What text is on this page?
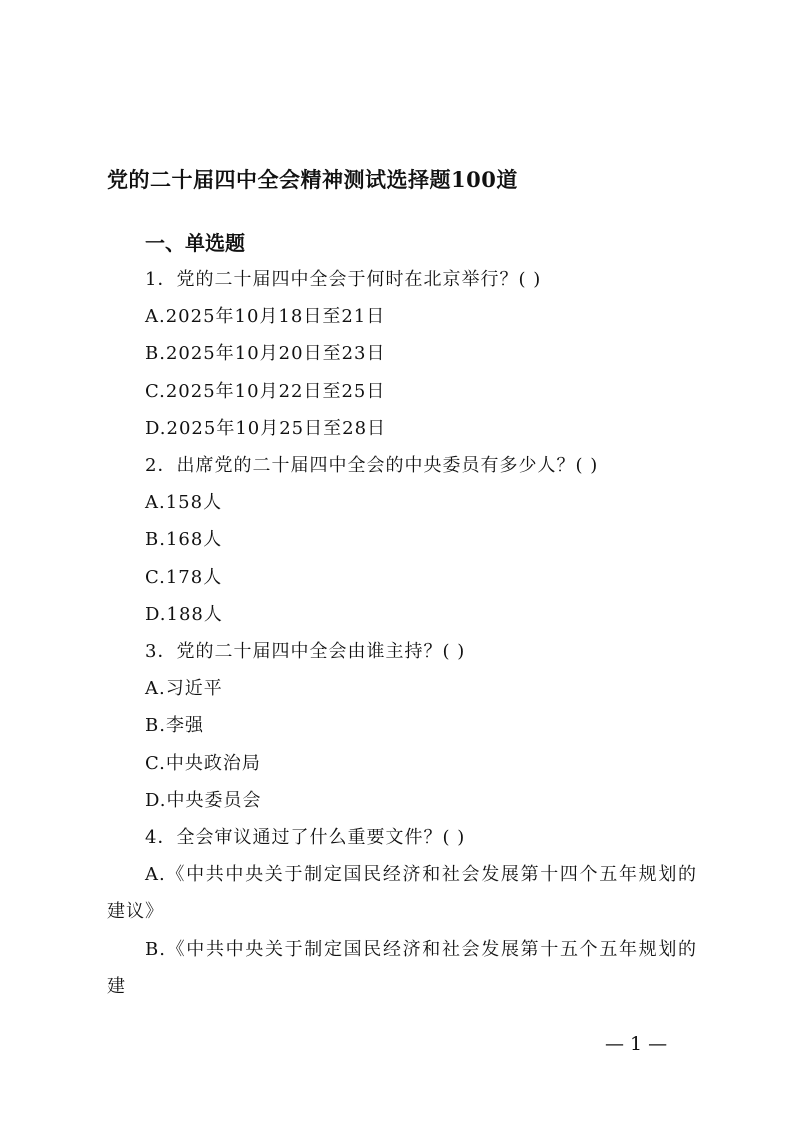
党的二十届四中全会精神测试选择题100道
一、单选题
1．党的二十届四中全会于何时在北京举行？( )
A.2025年10月18日至21日
B.2025年10月20日至23日
C.2025年10月22日至25日
D.2025年10月25日至28日
2．出席党的二十届四中全会的中央委员有多少人？( )
A.158人
B.168人
C.178人
D.188人
3．党的二十届四中全会由谁主持？( )
A.习近平
B.李强
C.中央政治局
D.中央委员会
4．全会审议通过了什么重要文件？( )
A.《中共中央关于制定国民经济和社会发展第十四个五年规划的建议》
B.《中共中央关于制定国民经济和社会发展第十五个五年规划的建
— 1 —
